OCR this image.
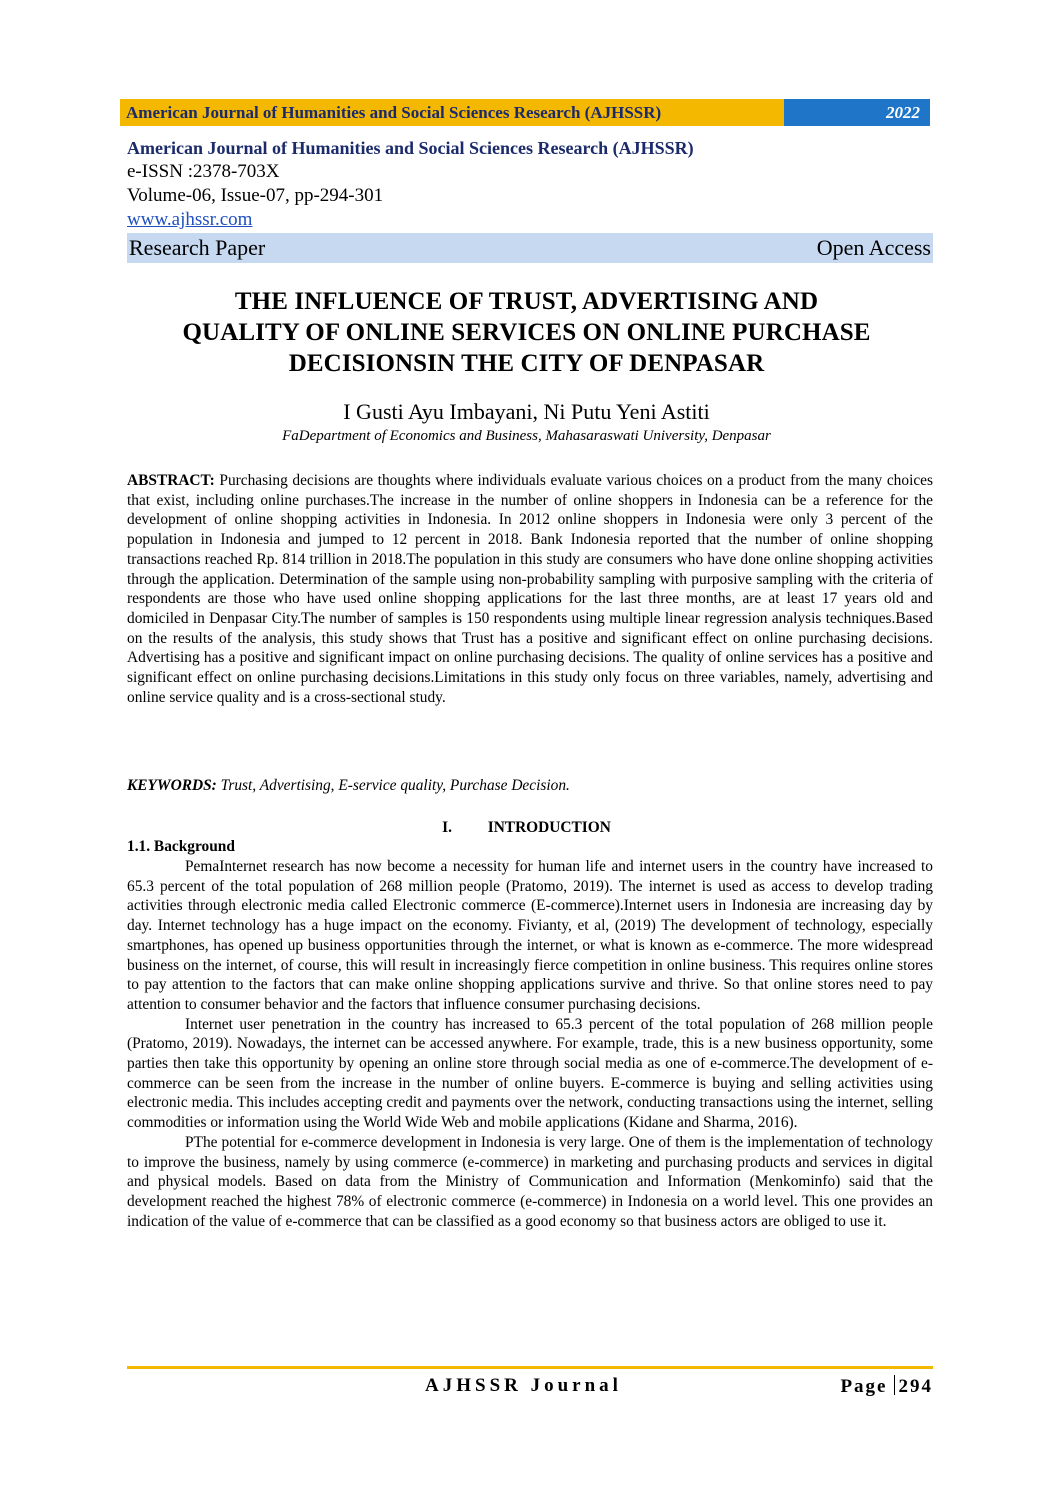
American Journal of Humanities and Social Sciences Research (AJHSSR)	2022
American Journal of Humanities and Social Sciences Research (AJHSSR)
e-ISSN :2378-703X
Volume-06, Issue-07, pp-294-301
www.ajhssr.com
Research Paper	Open Access
THE INFLUENCE OF TRUST, ADVERTISING AND
QUALITY OF ONLINE SERVICES ON ONLINE PURCHASE
DECISIONSIN THE CITY OF DENPASAR
I Gusti Ayu Imbayani, Ni Putu Yeni Astiti
FaDepartment of Economics and Business, Mahasaraswati University, Denpasar
ABSTRACT: Purchasing decisions are thoughts where individuals evaluate various choices on a product from the many choices that exist, including online purchases.The increase in the number of online shoppers in Indonesia can be a reference for the development of online shopping activities in Indonesia. In 2012 online shoppers in Indonesia were only 3 percent of the population in Indonesia and jumped to 12 percent in 2018. Bank Indonesia reported that the number of online shopping transactions reached Rp. 814 trillion in 2018.The population in this study are consumers who have done online shopping activities through the application. Determination of the sample using non-probability sampling with purposive sampling with the criteria of respondents are those who have used online shopping applications for the last three months, are at least 17 years old and domiciled in Denpasar City.The number of samples is 150 respondents using multiple linear regression analysis techniques.Based on the results of the analysis, this study shows that Trust has a positive and significant effect on online purchasing decisions. Advertising has a positive and significant impact on online purchasing decisions. The quality of online services has a positive and significant effect on online purchasing decisions.Limitations in this study only focus on three variables, namely, advertising and online service quality and is a cross-sectional study.
KEYWORDS: Trust, Advertising, E-service quality, Purchase Decision.
I. INTRODUCTION
1.1. Background

PemaInternet research has now become a necessity for human life and internet users in the country have increased to 65.3 percent of the total population of 268 million people (Pratomo, 2019). The internet is used as access to develop trading activities through electronic media called Electronic commerce (E-commerce).Internet users in Indonesia are increasing day by day. Internet technology has a huge impact on the economy. Fivianty, et al, (2019) The development of technology, especially smartphones, has opened up business opportunities through the internet, or what is known as e-commerce. The more widespread business on the internet, of course, this will result in increasingly fierce competition in online business. This requires online stores to pay attention to the factors that can make online shopping applications survive and thrive. So that online stores need to pay attention to consumer behavior and the factors that influence consumer purchasing decisions.

Internet user penetration in the country has increased to 65.3 percent of the total population of 268 million people (Pratomo, 2019). Nowadays, the internet can be accessed anywhere. For example, trade, this is a new business opportunity, some parties then take this opportunity by opening an online store through social media as one of e-commerce.The development of e-commerce can be seen from the increase in the number of online buyers. E-commerce is buying and selling activities using electronic media. This includes accepting credit and payments over the network, conducting transactions using the internet, selling commodities or information using the World Wide Web and mobile applications (Kidane and Sharma, 2016).

PThe potential for e-commerce development in Indonesia is very large. One of them is the implementation of technology to improve the business, namely by using commerce (e-commerce) in marketing and purchasing products and services in digital and physical models. Based on data from the Ministry of Communication and Information (Menkominfo) said that the development reached the highest 78% of electronic commerce (e-commerce) in Indonesia on a world level. This one provides an indication of the value of e-commerce that can be classified as a good economy so that business actors are obliged to use it.

AJHSSR Journal	Page 294
